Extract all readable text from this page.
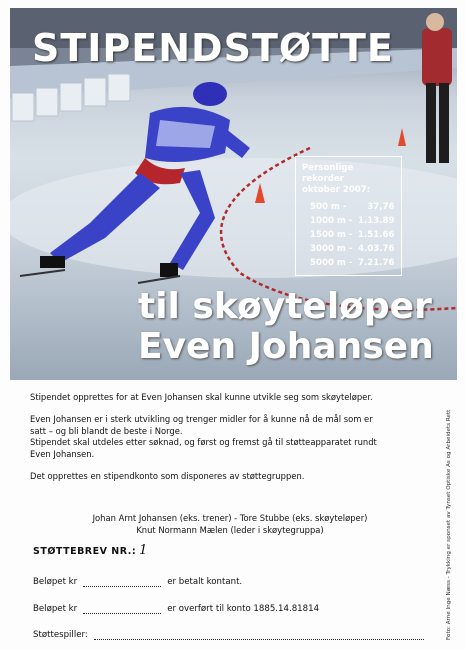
Personlige rekorder
oktober 2007:
500 m -	37,76
1000 m -	1.13.89
1500 m -	1.51.66
3000 m -	4.03.76
5000 m -	7.21.76
STIPENDSTØTTE
til skøyteløper
Even Johansen

Stipendet opprettes for at Even Johansen skal kunne utvikle seg som skøyteløper.

Even Johansen er i sterk utvikling og trenger midler for å kunne nå de mål som er
satt – og bli blandt de beste i Norge.
Stipendet skal utdeles etter søknad, og først og fremst gå til støtteapparatet rundt
Even Johansen.

Det opprettes en stipendkonto som disponeres av støttegruppen.

Johan Arnt Johansen (eks. trener) - Tore Stubbe (eks. skøyteløper)
Knut Normann Mælen (leder i skøytegruppa)
STØTTEBREV NR.: 1
Beløpet kr	er betalt kontant.
Beløpet kr	er overført til konto 1885.14.81814
Støttespiller:	Foto: Arne Inge Næss - Trykking er sponset av Tynset Optiske As og Arbeidets Rett
